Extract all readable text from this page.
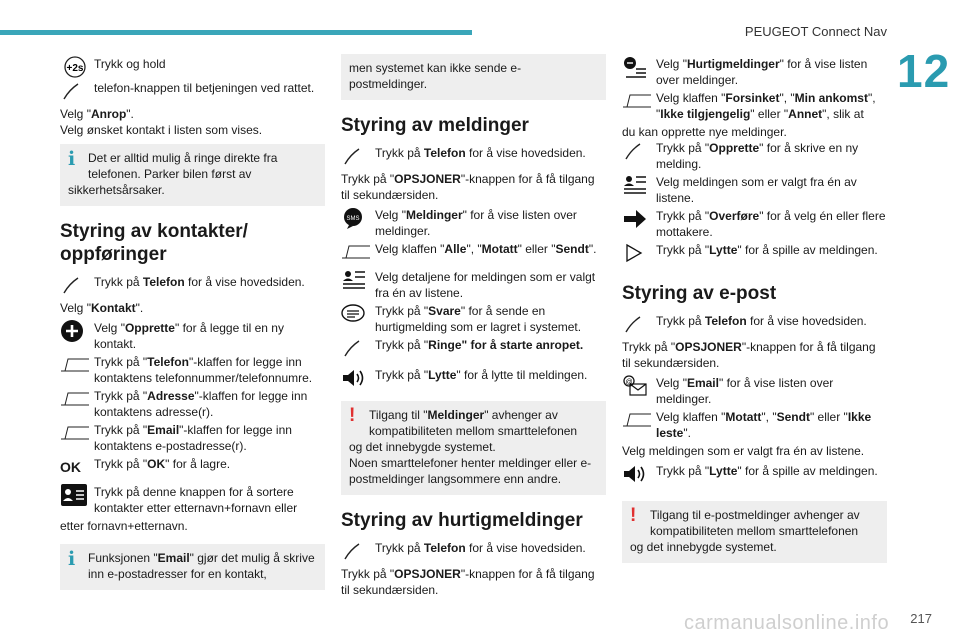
PEUGEOT Connect Nav
12
217
carmanualsonline.info
+2s Trykk og hold
telefon-knappen til betjeningen ved rattet.
Velg "Anrop".
Velg ønsket kontakt i listen som vises.
i	Det er alltid mulig å ringe direkte fra telefonen. Parker bilen først av
sikkerhetsårsaker.
Styring av kontakter/ oppføringer
Trykk på Telefon for å vise hovedsiden.
Velg "Kontakt".
Velg "Opprette" for å legge til en ny kontakt.
Trykk på "Telefon"-klaffen for legge inn kontaktens telefonnummer/telefonnumre.
Trykk på "Adresse"-klaffen for legge inn kontaktens adresse(r).
Trykk på "Email"-klaffen for legge inn kontaktens e-postadresse(r).
OK	Trykk på "OK" for å lagre.
Trykk på denne knappen for å sortere kontakter etter etternavn+fornavn eller
etter fornavn+etternavn.
i	Funksjonen "Email" gjør det mulig å skrive inn e-postadresser for en kontakt,
men systemet kan ikke sende e-postmeldinger.
Styring av meldinger
Trykk på Telefon for å vise hovedsiden.
Trykk på "OPSJONER"-knappen for å få tilgang til sekundærsiden.
SMS Velg "Meldinger" for å vise listen over meldinger.
Velg klaffen "Alle", "Motatt" eller "Sendt".
Velg detaljene for meldingen som er valgt fra én av listene.
Trykk på "Svare" for å sende en hurtigmelding som er lagret i systemet.
Trykk på "Ringe" for å starte anropet.
Trykk på "Lytte" for å lytte til meldingen.
!	Tilgang til "Meldinger" avhenger av kompatibiliteten mellom smarttelefonen
og det innebygde systemet.
Noen smarttelefoner henter meldinger eller e-postmeldinger langsommere enn andre.
Styring av hurtigmeldinger
Trykk på Telefon for å vise hovedsiden.
Trykk på "OPSJONER"-knappen for å få tilgang til sekundærsiden.
Velg "Hurtigmeldinger" for å vise listen over meldinger.
Velg klaffen "Forsinket", "Min ankomst", "Ikke tilgjengelig" eller "Annet", slik at
du kan opprette nye meldinger.
Trykk på "Opprette" for å skrive en ny melding.
Velg meldingen som er valgt fra én av listene.
Trykk på "Overføre" for å velg én eller flere mottakere.
Trykk på "Lytte" for å spille av meldingen.
Styring av e-post
Trykk på Telefon for å vise hovedsiden.
Trykk på "OPSJONER"-knappen for å få tilgang til sekundærsiden.
@ Velg "Email" for å vise listen over meldinger.
Velg klaffen "Motatt", "Sendt" eller "Ikke leste".
Velg meldingen som er valgt fra én av listene.
Trykk på "Lytte" for å spille av meldingen.
!	Tilgang til e-postmeldinger avhenger av kompatibiliteten mellom smarttelefonen
og det innebygde systemet.
